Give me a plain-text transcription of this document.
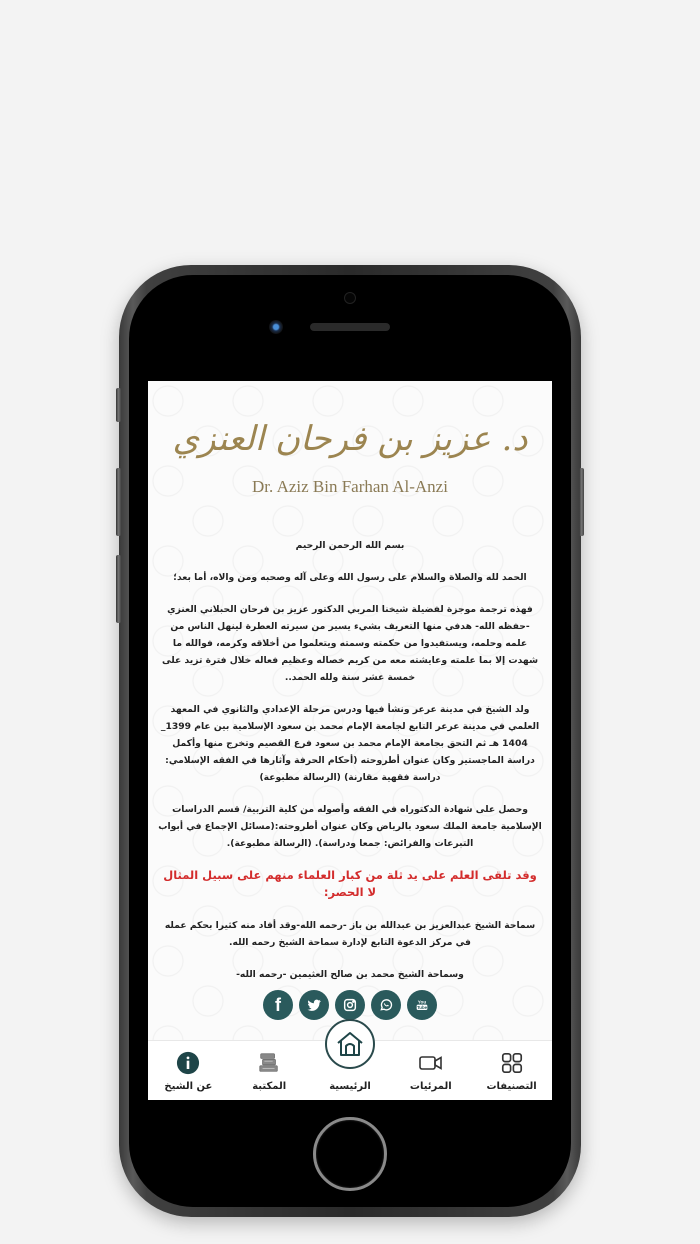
د. عزيز بن فرحان العنزي
Dr. Aziz Bin Farhan Al-Anzi

بسم الله الرحمن الرحيم

الحمد لله والصلاة والسلام على رسول الله وعلى آله وصحبه ومن والاه، أما بعد؛

فهذه ترجمة موجزة لفضيلة شيخنا المربي الدكتور عزيز بن فرحان الحبلاني العنزي -حفظه الله- هدفي منها التعريف بشيء يسير من سيرته العطرة لينهل الناس من علمه وحلمه، ويستفيدوا من حكمته وسمته ويتعلموا من أخلاقه وكرمه، فوالله ما شهدت إلا بما علمته وعايشته معه من كريم خصاله وعظيم فعاله خلال فترة تزيد على خمسة عشر سنة ولله الحمد..

ولد الشيخ في مدينة عرعر ونشأ فيها ودرس مرحلة الإعدادي والثانوي في المعهد العلمي في مدينة عرعر التابع لجامعة الإمام محمد بن سعود الإسلامية بين عام 1399_ 1404 هـ ثم التحق بجامعة الإمام محمد بن سعود فرع القصيم وتخرج منها وأكمل دراسة الماجستير وكان عنوان أطروحته (أحكام الحرفة وآثارها في الفقه الإسلامي: دراسة فقهية مقارنة) (الرسالة مطبوعة)

وحصل على شهادة الدكتوراه في الفقه وأصوله من كلية التربية/ قسم الدراسات الإسلامية جامعة الملك سعود بالرياض وكان عنوان أطروحته:(مسائل الإجماع في أبواب التبرعات والفرائض: جمعا ودراسة). (الرسالة مطبوعة).

وقد تلقى العلم على يد ثلة من كبار العلماء منهم على سبيل المثال لا الحصر:

سماحة الشيخ عبدالعزيز بن عبدالله بن باز -رحمه الله-وقد أفاد منه كثيرا بحكم عمله في مركز الدعوة التابع لإدارة سماحة الشيخ رحمه الله.

وسماحة الشيخ محمد بن صالح العثيمين -رحمه الله-

f	You
Tube
عن الشيخ	المكتبة	الرئيسية	المرئيات	التصنيفات
